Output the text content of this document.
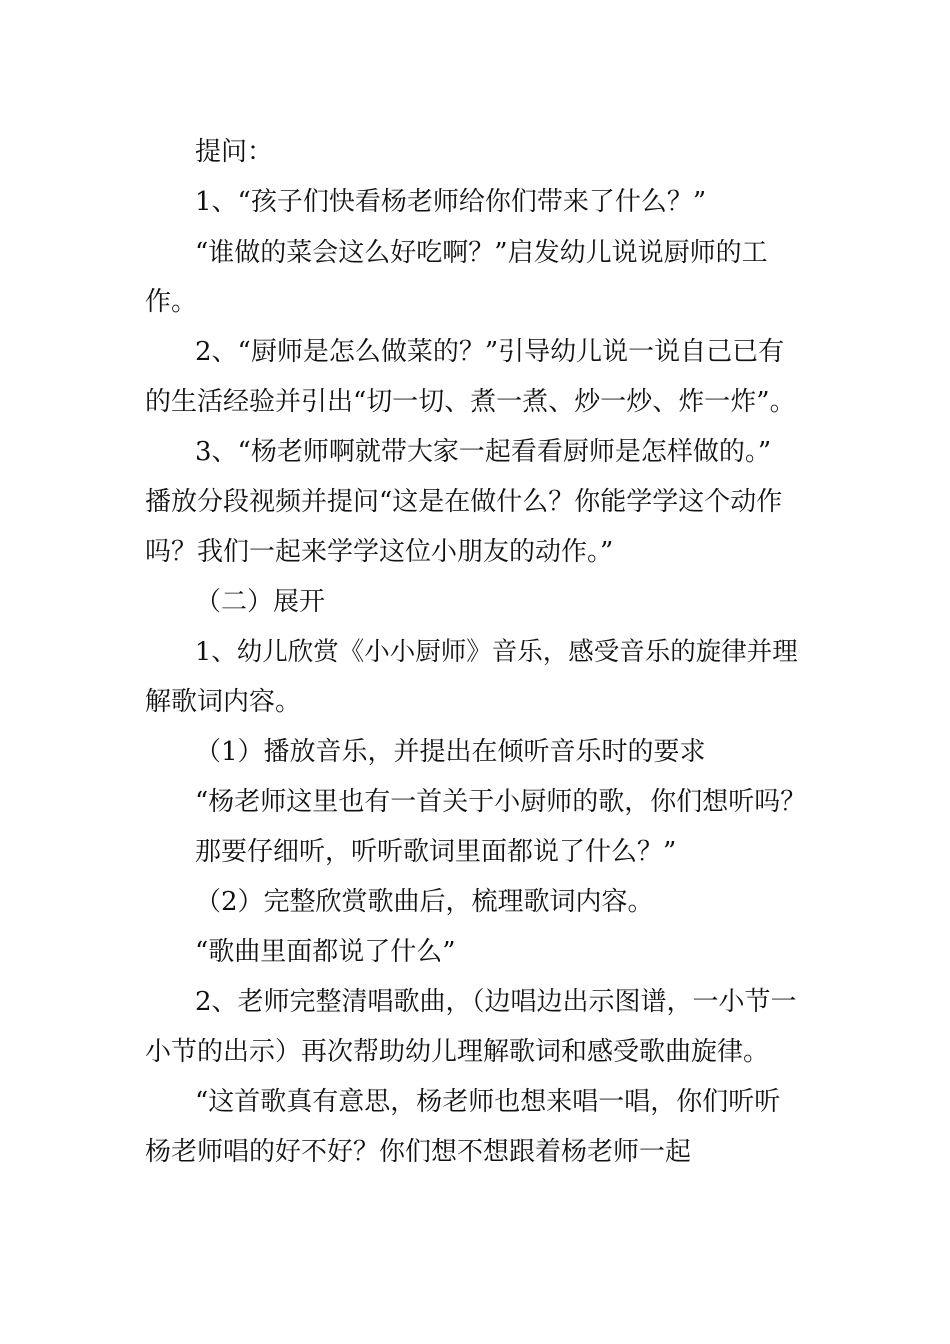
提问：
1、“孩子们快看杨老师给你们带来了什么？”
“谁做的菜会这么好吃啊？”启发幼儿说说厨师的工
作。
2、“厨师是怎么做菜的？”引导幼儿说一说自己已有
的生活经验并引出“切一切、煮一煮、炒一炒、炸一炸”。
3、“杨老师啊就带大家一起看看厨师是怎样做的。”
播放分段视频并提问“这是在做什么？你能学学这个动作
吗？我们一起来学学这位小朋友的动作。”
（二）展开
1、幼儿欣赏《小小厨师》音乐，感受音乐的旋律并理
解歌词内容。
（1）播放音乐，并提出在倾听音乐时的要求
“杨老师这里也有一首关于小厨师的歌，你们想听吗？
那要仔细听，听听歌词里面都说了什么？”
（2）完整欣赏歌曲后，梳理歌词内容。
“歌曲里面都说了什么”
2、老师完整清唱歌曲，（边唱边出示图谱，一小节一
小节的出示）再次帮助幼儿理解歌词和感受歌曲旋律。
“这首歌真有意思，杨老师也想来唱一唱，你们听听
杨老师唱的好不好？你们想不想跟着杨老师一起
